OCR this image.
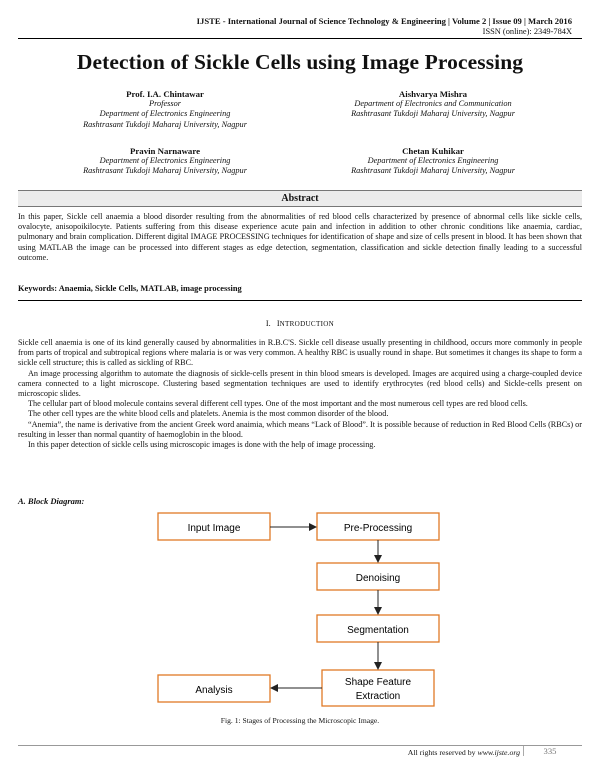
IJSTE - International Journal of Science Technology & Engineering | Volume 2 | Issue 09 | March 2016
ISSN (online): 2349-784X
Detection of Sickle Cells using Image Processing
Prof. I.A. Chintawar
Professor
Department of Electronics Engineering
Rashtrasant Tukdoji Maharaj University, Nagpur
Aishvarya Mishra
Department of Electronics and Communication
Rashtrasant Tukdoji Maharaj University, Nagpur
Pravin Narnaware
Department of Electronics Engineering
Rashtrasant Tukdoji Maharaj University, Nagpur
Chetan Kuhikar
Department of Electronics Engineering
Rashtrasant Tukdoji Maharaj University, Nagpur
Abstract
In this paper, Sickle cell anaemia a blood disorder resulting from the abnormalities of red blood cells characterized by presence of abnormal cells like sickle cells, ovalocyte, anisopoikilocyte. Patients suffering from this disease experience acute pain and infection in addition to other chronic conditions like anaemia, cardiac, pulmonary and brain complication. Different digital IMAGE PROCESSING techniques for identification of shape and size of cells present in blood. It has been shown that using MATLAB the image can be processed into different stages as edge detection, segmentation, classification and sickle detection finally leading to a successful outcome.
Keywords: Anaemia, Sickle Cells, MATLAB, image processing
I. INTRODUCTION
Sickle cell anaemia is one of its kind generally caused by abnormalities in R.B.C'S. Sickle cell disease usually presenting in childhood, occurs more commonly in people from parts of tropical and subtropical regions where malaria is or was very common. A healthy RBC is usually round in shape. But sometimes it changes its shape to form a sickle cell structure; this is called as sickling of RBC.
An image processing algorithm to automate the diagnosis of sickle-cells present in thin blood smears is developed. Images are acquired using a charge-coupled device camera connected to a light microscope. Clustering based segmentation techniques are used to identify erythrocytes (red blood cells) and Sickle-cells present on microscopic slides.
The cellular part of blood molecule contains several different cell types. One of the most important and the most numerous cell types are red blood cells.
The other cell types are the white blood cells and platelets. Anemia is the most common disorder of the blood.
“Anemia”, the name is derivative from the ancient Greek word anaimia, which means “Lack of Blood”. It is possible because of reduction in Red Blood Cells (RBCs) or resulting in lesser than normal quantity of haemoglobin in the blood.
In this paper detection of sickle cells using microscopic images is done with the help of image processing.
A. Block Diagram:
Input Image	Pre-Processing
Denoising
Segmentation
Shape Feature
Extraction
Analysis
Fig. 1: Stages of Processing the Microscopic Image.
All rights reserved by www.ijste.org	335
